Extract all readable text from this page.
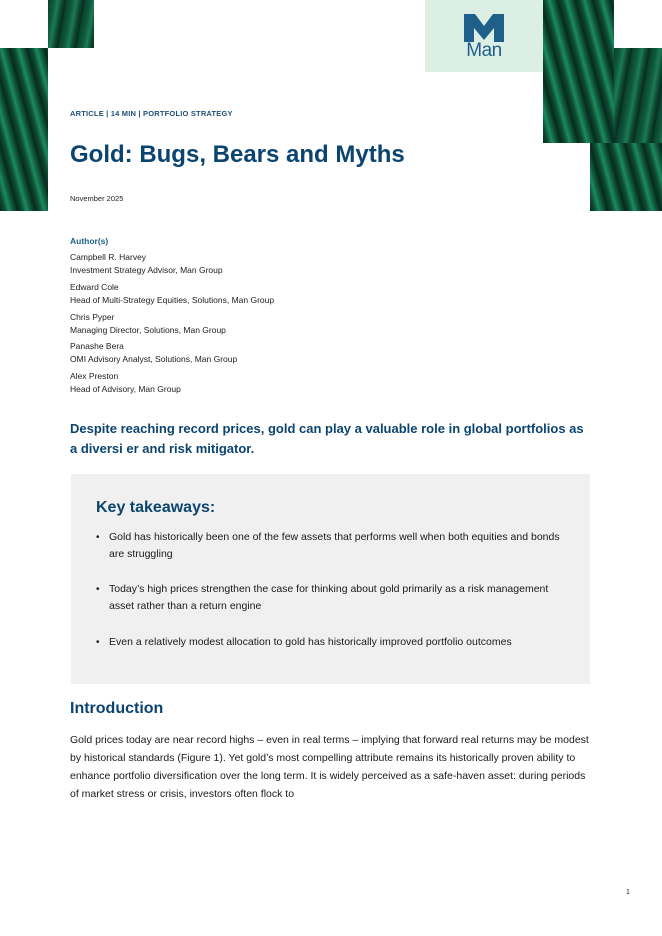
Man
ARTICLE | 14 MIN | PORTFOLIO STRATEGY
Gold: Bugs, Bears and Myths
November 2025
Author(s)
Campbell R. Harvey
Investment Strategy Advisor, Man Group
Edward Cole
Head of Multi-Strategy Equities, Solutions, Man Group
Chris Pyper
Managing Director, Solutions, Man Group
Panashe Bera
OMI Advisory Analyst, Solutions, Man Group
Alex Preston
Head of Advisory, Man Group
Despite reaching record prices, gold can play a valuable role in global portfolios as a diversi er and risk mitigator.
Key takeaways:
• Gold has historically been one of the few assets that performs well when both equities and bonds are struggling
• Today’s high prices strengthen the case for thinking about gold primarily as a risk management asset rather than a return engine
• Even a relatively modest allocation to gold has historically improved portfolio outcomes
Introduction
Gold prices today are near record highs – even in real terms – implying that forward real returns may be modest by historical standards (Figure 1). Yet gold’s most compelling attribute remains its historically proven ability to enhance portfolio diversification over the long term. It is widely perceived as a safe-haven asset: during periods of market stress or crisis, investors often flock to
1
